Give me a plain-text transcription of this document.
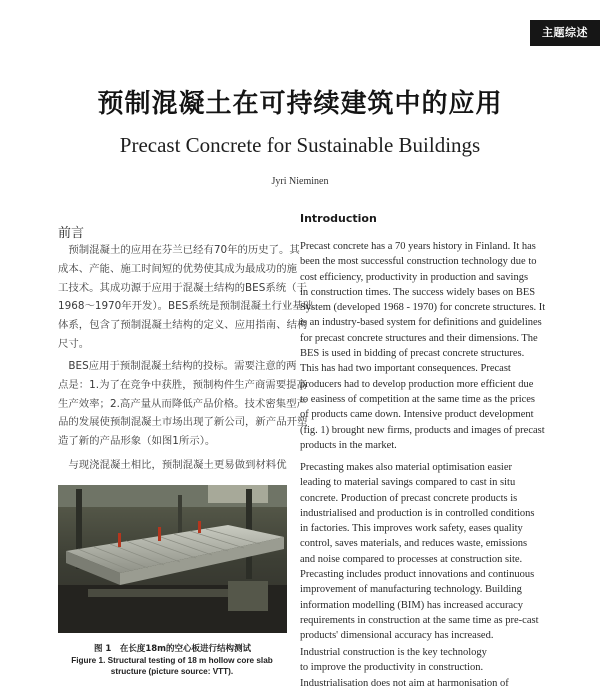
主题综述
预制混凝土在可持续建筑中的应用
Precast Concrete for Sustainable Buildings
Jyri Nieminen
前言
Introduction
　预制混凝土的应用在芬兰已经有70年的历史了。其
成本、产能、施工时间短的优势使其成为最成功的施
工技术。其成功源于应用于混凝土结构的BES系统（于
1968～1970年开发）。BES系统是预制混凝土行业基础
体系，包含了预制混凝土结构的定义、应用指南、结构
尺寸。
　BES应用于预制混凝土结构的投标。需要注意的两
点是：1.为了在竞争中获胜，预制构件生产商需要提高
生产效率；2.高产量从而降低产品价格。技术密集型产
品的发展使预制混凝土市场出现了新公司，新产品开塑
造了新的产品形象（如图1所示）。
　与现浇混凝土相比，预制混凝土更易做到材料优
图 1　在长度18m的空心板进行结构测试
Figure 1. Structural testing of 18 m hollow core slab
structure (picture source: VTT).
Precast concrete has a 70 years history in Finland. It has
been the most successful construction technology due to
cost efficiency, productivity in production and savings
in construction times. The success widely bases on BES
System (developed 1968 - 1970) for concrete structures. It
is an industry-based system for definitions and guidelines
for precast concrete structures and their dimensions. The
BES is used in bidding of precast concrete structures.
This has had two important consequences. Precast
producers had to develop production more efficient due
to easiness of competition at the same time as the prices
of products came down. Intensive product development
(fig. 1) brought new firms, products and images of precast
products in the market.
Precasting makes also material optimisation easier
leading to material savings compared to cast in situ
concrete. Production of precast concrete products is
industrialised and production is in controlled conditions
in factories. This improves work safety, eases quality
control, saves materials, and reduces waste, emissions
and noise compared to processes at construction site.
Precasting includes product innovations and continuous
improvement of manufacturing technology. Building
information modelling (BIM) has increased accuracy
requirements in construction at the same time as pre-cast
products' dimensional accuracy has increased.
Industrial construction is the key technology
to improve the productivity in construction.
Industrialisation does not aim at harmonisation of
